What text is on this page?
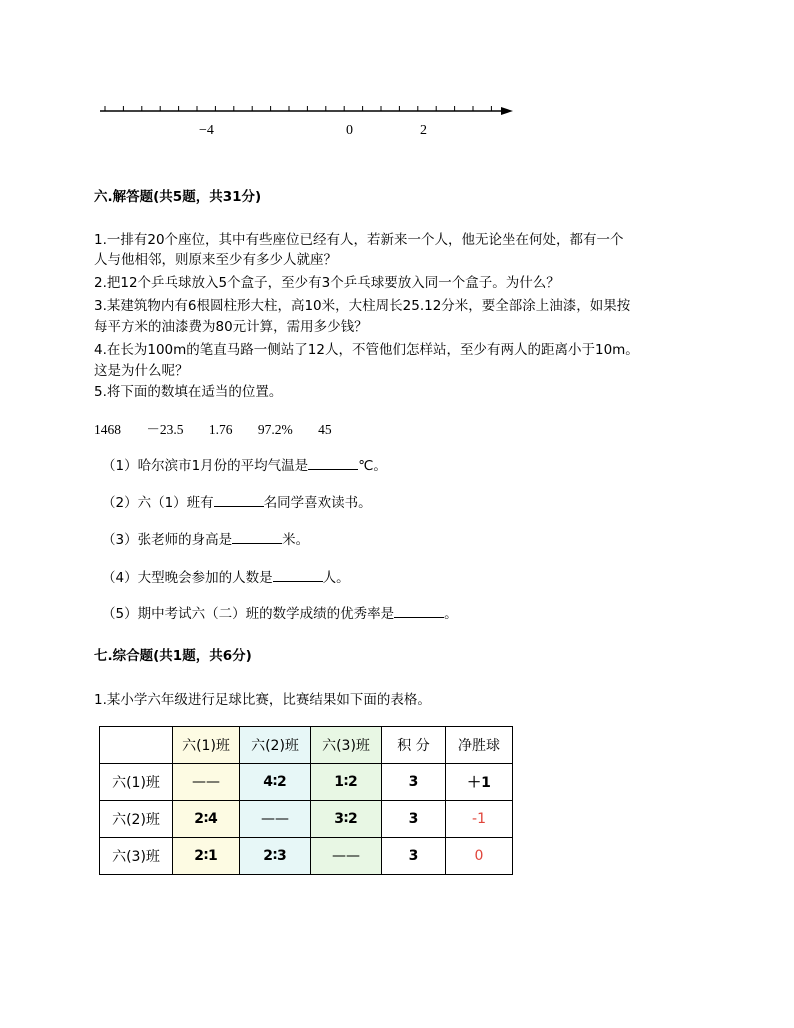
−4	0	2
六.解答题(共5题，共31分)
1.一排有20个座位，其中有些座位已经有人，若新来一个人，他无论坐在何处，都有一个
人与他相邻，则原来至少有多少人就座？
2.把12个乒乓球放入5个盒子，至少有3个乒乓球要放入同一个盒子。为什么？
3.某建筑物内有6根圆柱形大柱，高10米，大柱周长25.12分米，要全部涂上油漆，如果按
每平方米的油漆费为80元计算，需用多少钱？
4.在长为100m的笔直马路一侧站了12人，不管他们怎样站，至少有两人的距离小于10m。
这是为什么呢？
5.将下面的数填在适当的位置。
1468 －23.5 1.76 97.2% 45
（1）哈尔滨市1月份的平均气温是	℃。
（2）六（1）班有	名同学喜欢读书。
（3）张老师的身高是	米。
（4）大型晚会参加的人数是	人。
（5）期中考试六（二）班的数学成绩的优秀率是	。
七.综合题(共1题，共6分)
1.某小学六年级进行足球比赛，比赛结果如下面的表格。
	六(1)班	六(2)班	六(3)班	积 分	净胜球
六(1)班	——	4∶2	1∶2	3	＋1
六(2)班	2∶4	——	3∶2	3	-1
六(3)班	2∶1	2∶3	——	3	0
